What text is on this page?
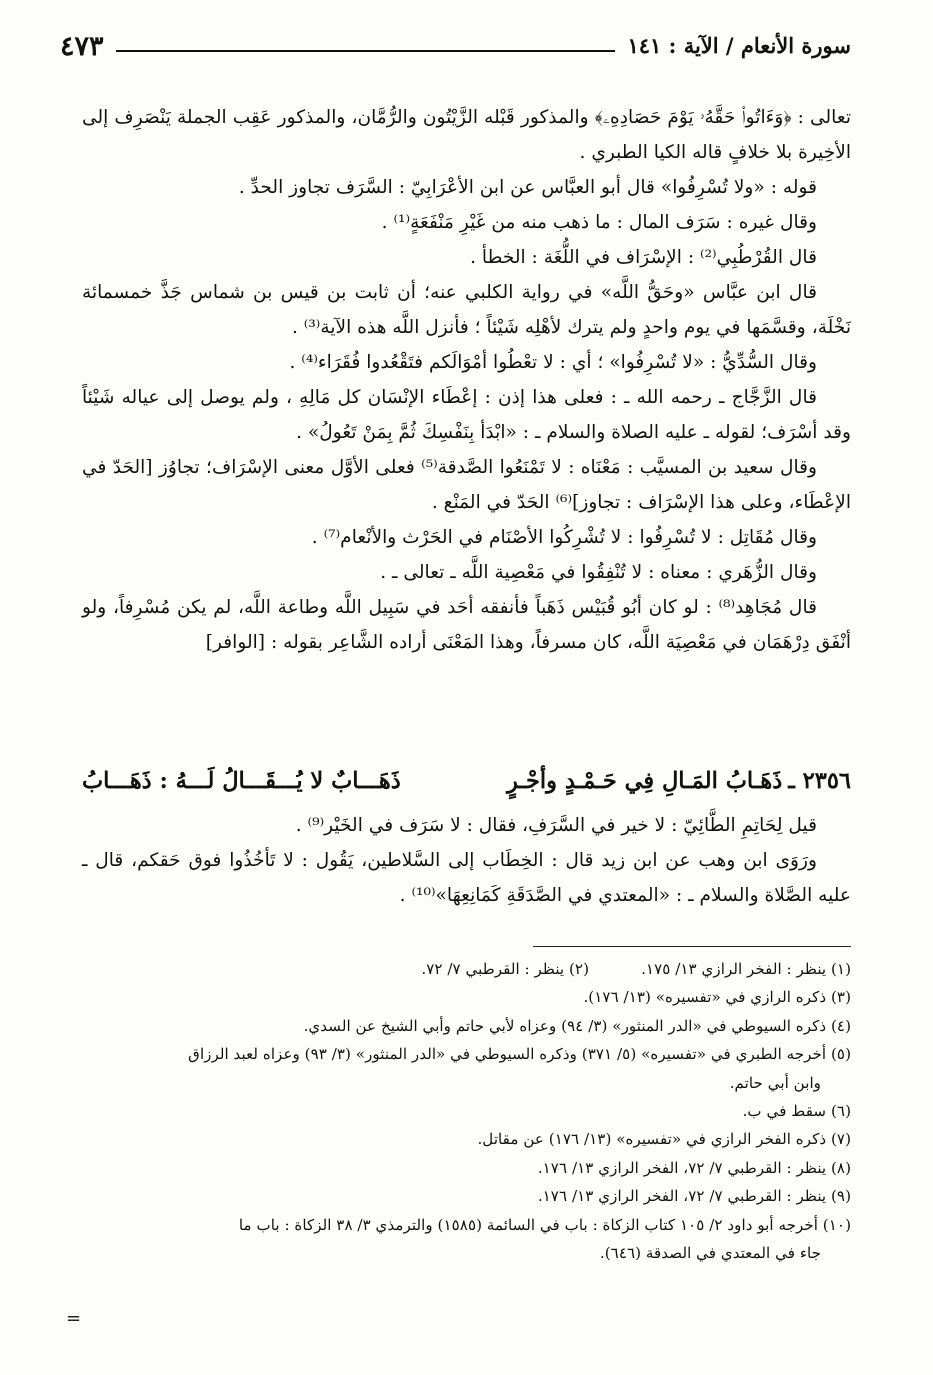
سورة الأنعام / الآية : ١٤١
٤٧٣

تعالى : ﴿وَءَاتُوا۟ حَقَّهُۥ يَوْمَ حَصَادِهِۦ﴾ والمذكور قَبْله الزَّيْتُون والرُّمَّان، والمذكور عَقِب الجملة يَنْصَرِف إلى الأخِيرة بلا خلافٍ قاله الكيا الطبري .

قوله : «ولا تُسْرِفُوا» قال أبو العبَّاس عن ابن الأعْرَابِيّ : السَّرَف تجاوز الحدِّ .

وقال غيره : سَرَف المال : ما ذهب منه من غَيْرِ مَنْفَعَةٍ⁽¹⁾ .

قال القُرْطُبِي⁽²⁾ : الإسْرَاف في اللُّغَة : الخطأ .

قال ابن عبَّاس «وحَقُّ اللَّه» في رواية الكلبي عنه؛ أن ثابت بن قيس بن شماس جَذَّ خمسمائة نَخْلَة، وقسَّمَها في يوم واحدٍ ولم يترك لأهْلِه شَيْئاً ؛ فأنزل اللَّه هذه الآية⁽³⁾ .

وقال السُّدِّيُّ : «لا تُسْرِفُوا» ؛ أي : لا تعْطُوا أمْوَالَكم فتَقْعُدوا فُقَرَاء⁽⁴⁾ .

قال الزَّجَّاج ـ رحمه الله ـ : فعلى هذا إذن : إعْطَاء الإنْسَان كل مَالِهِ ، ولم يوصل إلى عياله شَيْئاً وقد أسْرَف؛ لقوله ـ عليه الصلاة والسلام ـ : «ابْدَأ بِنَفْسِكَ ثُمَّ بِمَنْ تَعُولُ» .

وقال سعيد بن المسيَّب : مَعْنَاه : لا تَمْنَعُوا الصَّدقة⁽⁵⁾ فعلى الأوَّل معنى الإسْرَاف؛ تجاوُز [الحَدّ في الإعْطَاء، وعلى هذا الإسْرَاف : تجاوز]⁽⁶⁾ الحَدّ في المَنْع .

وقال مُقَاتِل : لا تُسْرِفُوا : لا تُشْرِكُوا الأصْنَام في الحَرْث والأنْعام⁽⁷⁾ .

وقال الزُّهَري : معناه : لا تُنْفِقُوا في مَعْصِية اللَّه ـ تعالى ـ .

قال مُجَاهِد⁽⁸⁾ : لو كان أبُو قُبَيْس ذَهَباً فأنفقه أحَد في سَبِيل اللَّه وطاعة اللَّه، لم يكن مُسْرِفاً، ولو أنْفَق دِرْهَمَان في مَعْصِيَة اللَّه، كان مسرفاً، وهذا المَعْنَى أراده الشَّاعِر بقوله : [الوافر]

٢٣٥٦ ـ
ذَهَـابُ المَـالِ فِي حَـمْـدٍ وأجْـرٍ
ذَهَـــابٌ لا يُـــقَـــالُ لَـــهُ : ذَهَـــابُ

قيل لِحَاتِمِ الطَّائِيّ : لا خير في السَّرَفِ، فقال : لا سَرَف في الخَيْر⁽⁹⁾ .

ورَوَى ابن وهب عن ابن زيد قال : الخِطَاب إلى السَّلاطين، يَقُول : لا تَأخُذُوا فوق حَقكم، قال ـ عليه الصَّلاة والسلام ـ : «المعتدي في الصَّدَقَةِ كَمَانِعِهَا»⁽¹⁰⁾ .

(١) ينظر : الفخر الرازي ١٣/ ١٧٥.
(٢) ينظر : القرطبي ٧/ ٧٢.

(٣) ذكره الرازي في «تفسيره» (١٣/ ١٧٦).

(٤) ذكره السيوطي في «الدر المنثور» (٣/ ٩٤) وعزاه لأبي حاتم وأبي الشيخ عن السدي.

(٥) أخرجه الطبري في «تفسيره» (٥/ ٣٧١) وذكره السيوطي في «الدر المنثور» (٣/ ٩٣) وعزاه لعبد الرزاق

وابن أبي حاتم.

(٦) سقط في ب.

(٧) ذكره الفخر الرازي في «تفسيره» (١٣/ ١٧٦) عن مقاتل.

(٨) ينظر : القرطبي ٧/ ٧٢، الفخر الرازي ١٣/ ١٧٦.

(٩) ينظر : القرطبي ٧/ ٧٢، الفخر الرازي ١٣/ ١٧٦.

(١٠) أخرجه أبو داود ٢/ ١٠٥ كتاب الزكاة : باب في السائمة (١٥٨٥) والترمذي ٣/ ٣٨ الزكاة : باب ما

جاء في المعتدي في الصدقة (٦٤٦).

=
